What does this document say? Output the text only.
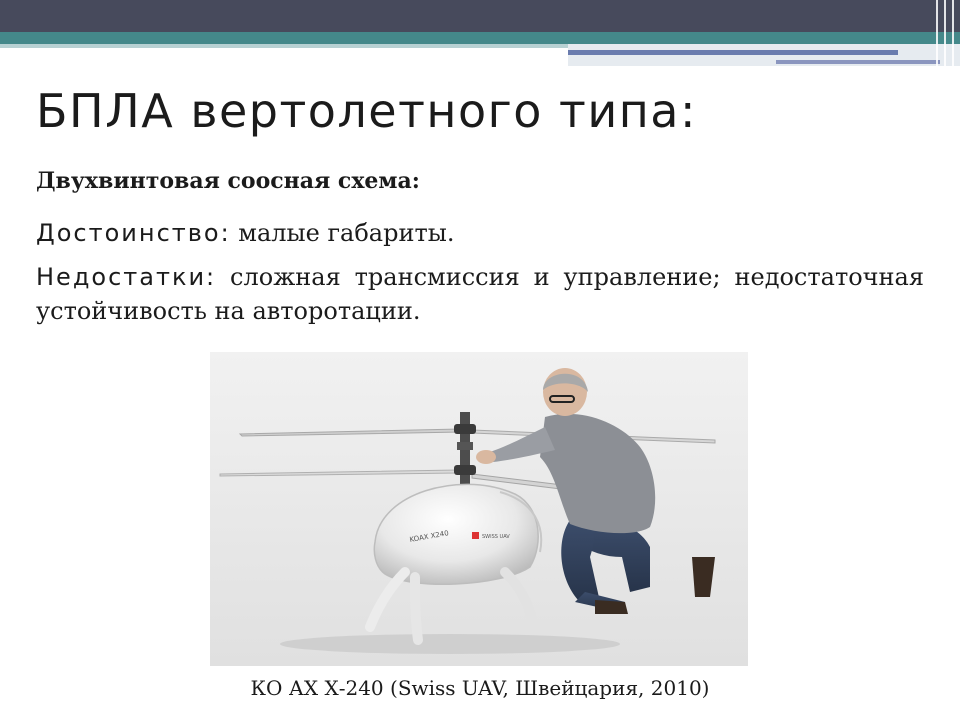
БПЛА вертолетного типа:
Двухвинтовая соосная схема:
Достоинство: малые габариты.
Недостатки: сложная трансмиссия и управление; недостаточная устойчивость на авторотации.
KOAX X240	SWISS UAV
КО АХ Х-240 (Swiss UAV, Швейцария, 2010)
